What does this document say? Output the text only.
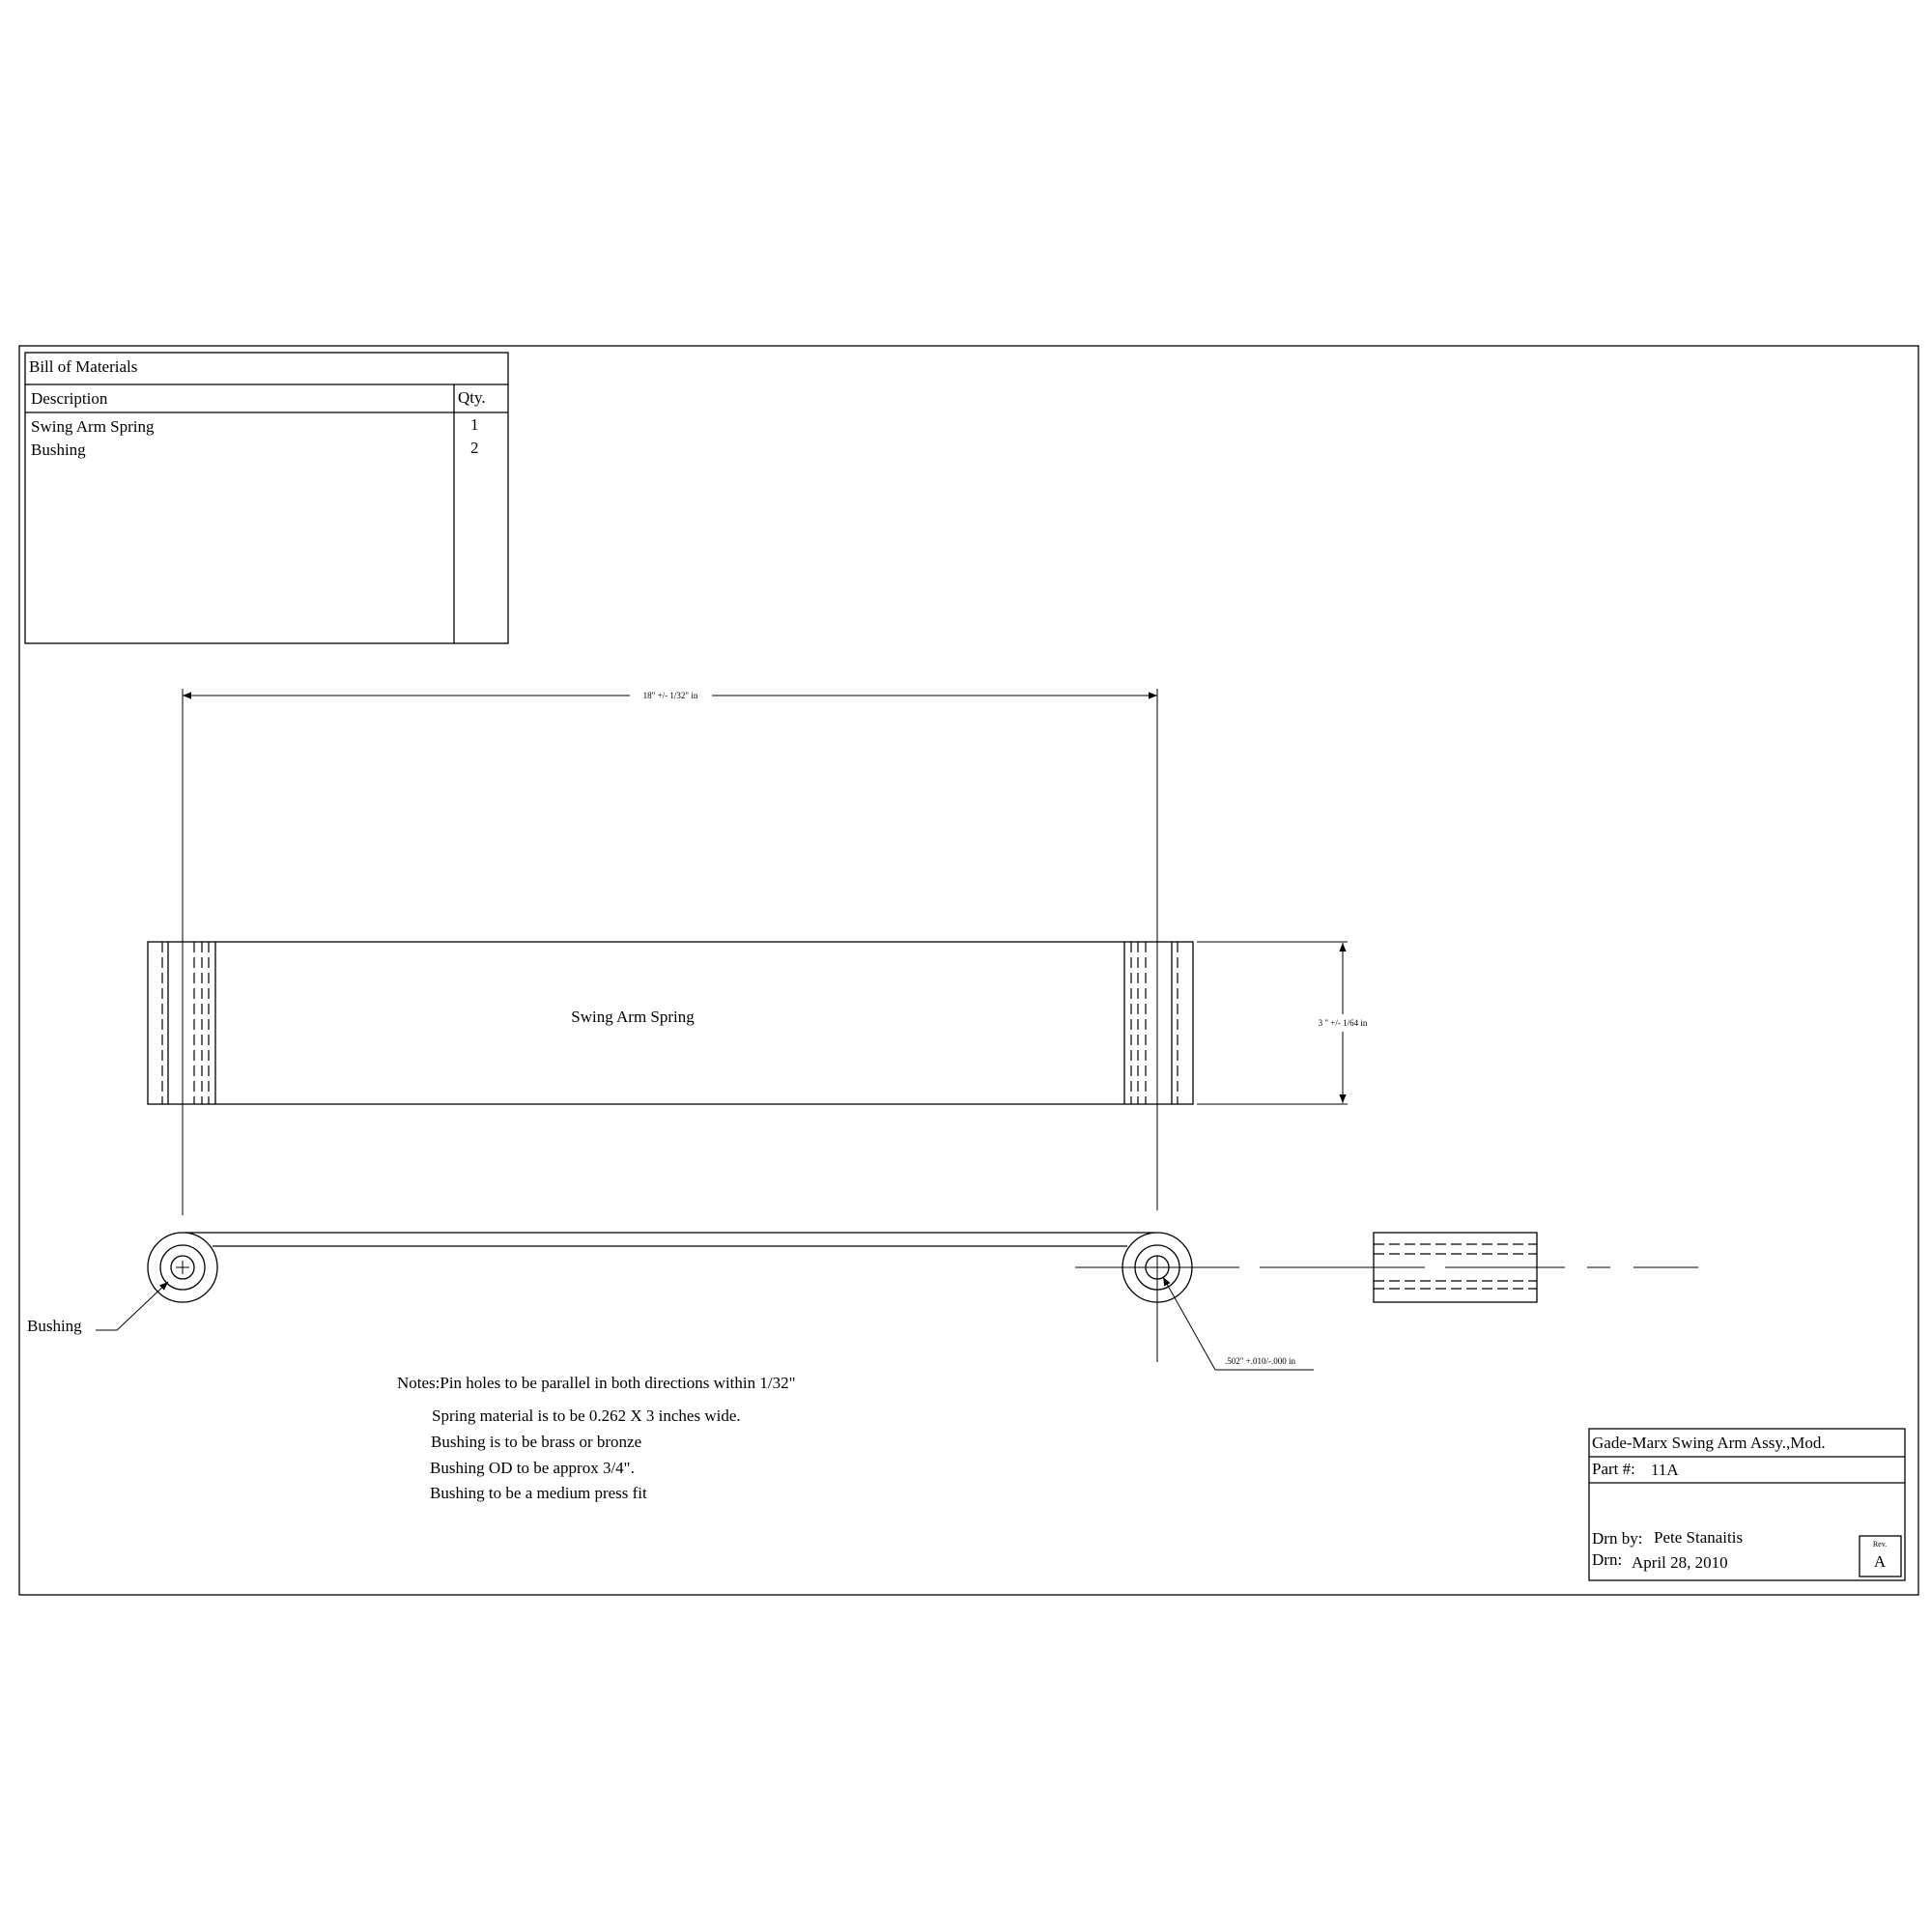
Bill of Materials
Description	Qty.
Swing Arm Spring	1
Bushing	2
18" +/- 1/32" in
Swing Arm Spring	3 " +/- 1/64 in
Bushing
.502" +.010/-.000 in
Notes:Pin holes to be parallel in both directions within 1/32"
Spring material is to be 0.262 X 3 inches wide.
Bushing is to be brass or bronze
Bushing OD to be approx 3/4".
Bushing to be a medium press fit
Gade-Marx Swing Arm Assy.,Mod.
Part #: 11A
Drn by: Pete Stanaitis
Drn: April 28, 2010
Rev.
A
